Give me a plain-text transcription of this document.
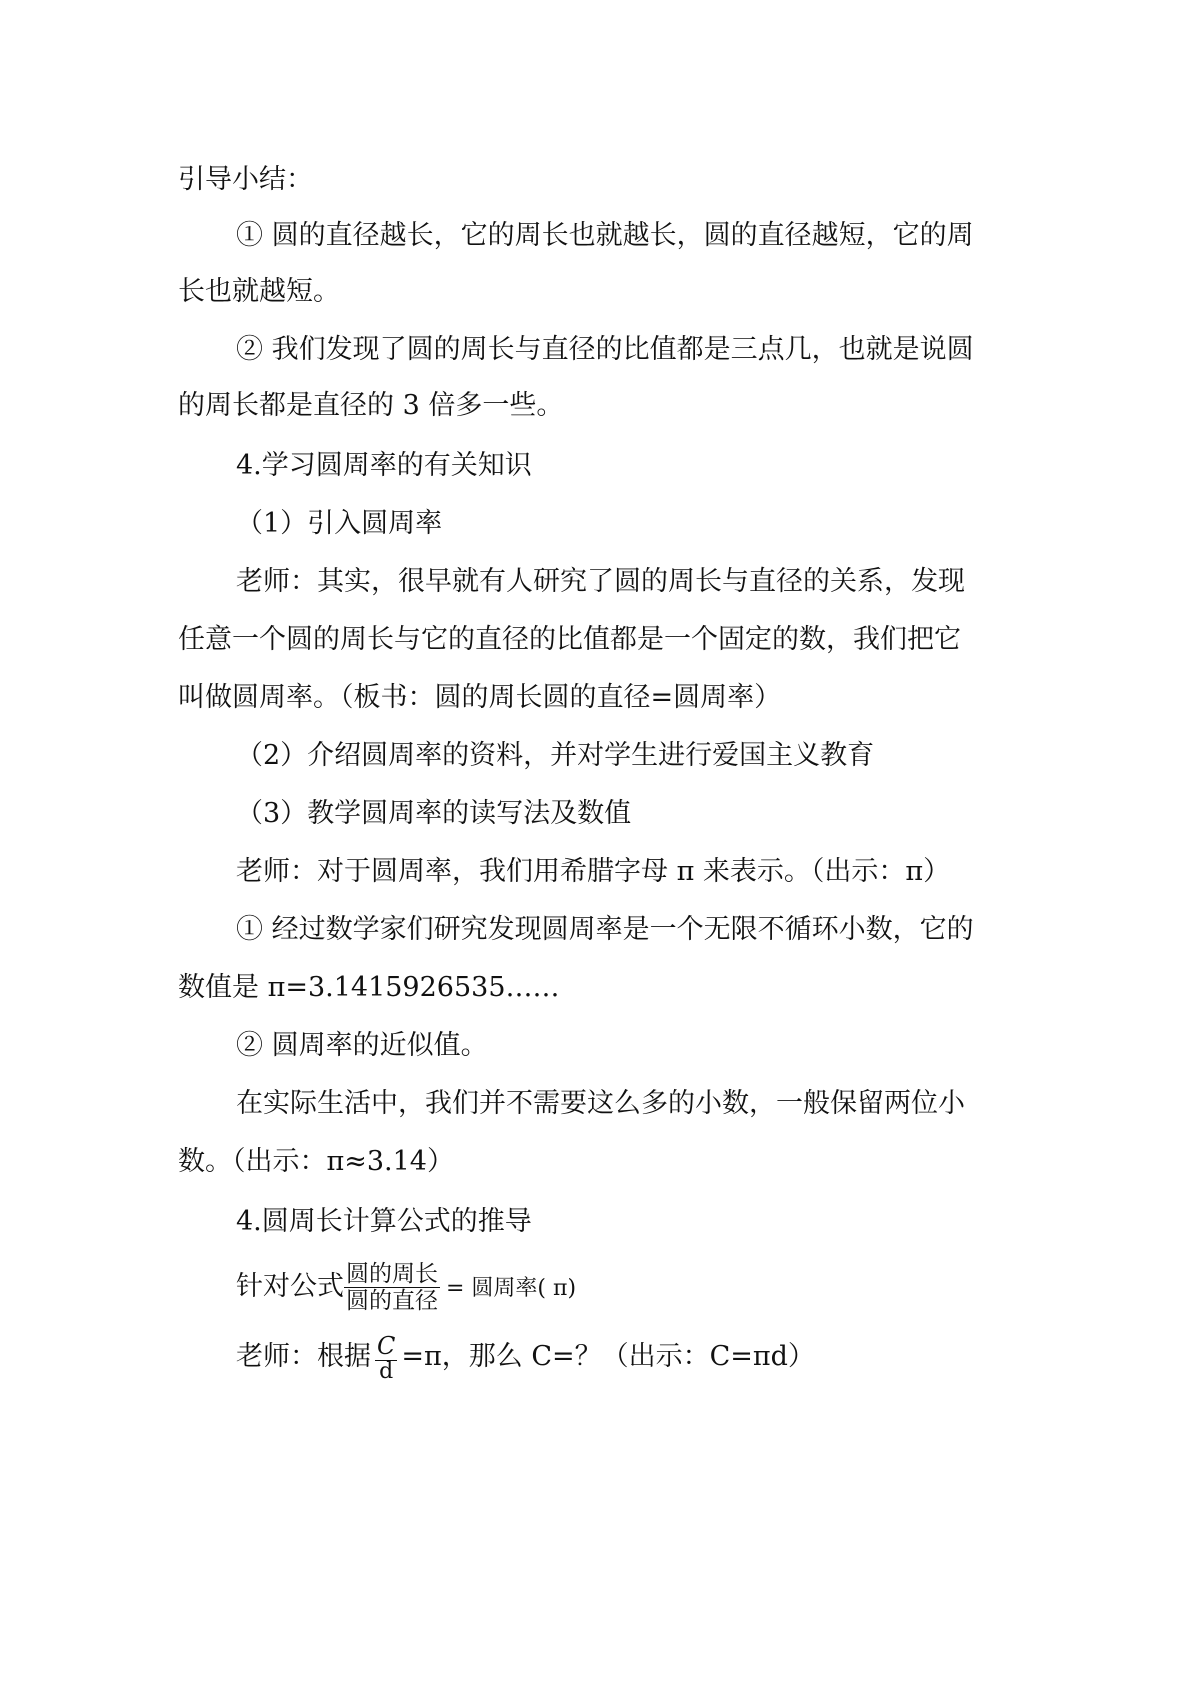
引导小结：
① 圆的直径越长，它的周长也就越长，圆的直径越短，它的周
长也就越短。
② 我们发现了圆的周长与直径的比值都是三点几，也就是说圆
的周长都是直径的 3 倍多一些。
4.学习圆周率的有关知识
（1）引入圆周率
老师：其实，很早就有人研究了圆的周长与直径的关系，发现
任意一个圆的周长与它的直径的比值都是一个固定的数，我们把它
叫做圆周率。（板书：圆的周长圆的直径=圆周率）
（2）介绍圆周率的资料，并对学生进行爱国主义教育
（3）教学圆周率的读写法及数值
老师：对于圆周率，我们用希腊字母 π 来表示。（出示：π）
① 经过数学家们研究发现圆周率是一个无限不循环小数，它的
数值是 π=3.1415926535……
② 圆周率的近似值。
在实际生活中，我们并不需要这么多的小数，一般保留两位小
数。（出示：π≈3.14）
4.圆周长计算公式的推导
针对公式 $\frac{\text{圆的周长}}{\text{圆的直径}}$ = 圆周率( π)
老师：根据 $\frac{C}{d} =\pi$，那么 C=？（出示：C=πd）
